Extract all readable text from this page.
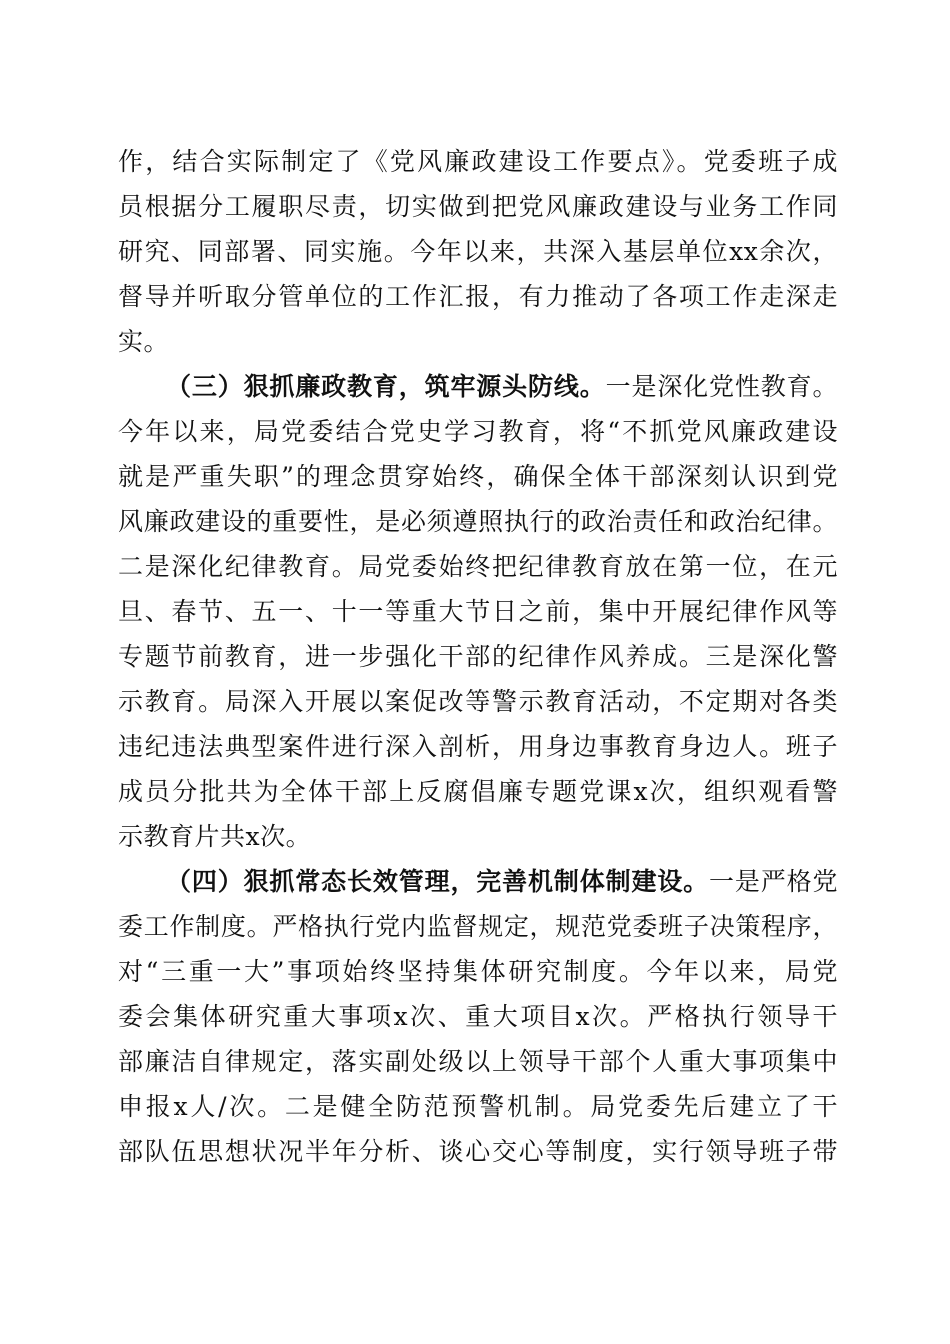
作，结合实际制定了《党风廉政建设工作要点》。党委班子成
员根据分工履职尽责，切实做到把党风廉政建设与业务工作同
研究、同部署、同实施。今年以来，共深入基层单位xx余次，
督导并听取分管单位的工作汇报，有力推动了各项工作走深走
实。
（三）狠抓廉政教育，筑牢源头防线。一是深化党性教育。
今年以来，局党委结合党史学习教育，将“不抓党风廉政建设
就是严重失职”的理念贯穿始终，确保全体干部深刻认识到党
风廉政建设的重要性，是必须遵照执行的政治责任和政治纪律。
二是深化纪律教育。局党委始终把纪律教育放在第一位，在元
旦、春节、五一、十一等重大节日之前，集中开展纪律作风等
专题节前教育，进一步强化干部的纪律作风养成。三是深化警
示教育。局深入开展以案促改等警示教育活动，不定期对各类
违纪违法典型案件进行深入剖析，用身边事教育身边人。班子
成员分批共为全体干部上反腐倡廉专题党课x次，组织观看警
示教育片共x次。
（四）狠抓常态长效管理，完善机制体制建设。一是严格党
委工作制度。严格执行党内监督规定，规范党委班子决策程序，
对“三重一大”事项始终坚持集体研究制度。今年以来，局党
委会集体研究重大事项x次、重大项目x次。严格执行领导干
部廉洁自律规定，落实副处级以上领导干部个人重大事项集中
申报x人/次。二是健全防范预警机制。局党委先后建立了干
部队伍思想状况半年分析、谈心交心等制度，实行领导班子带
